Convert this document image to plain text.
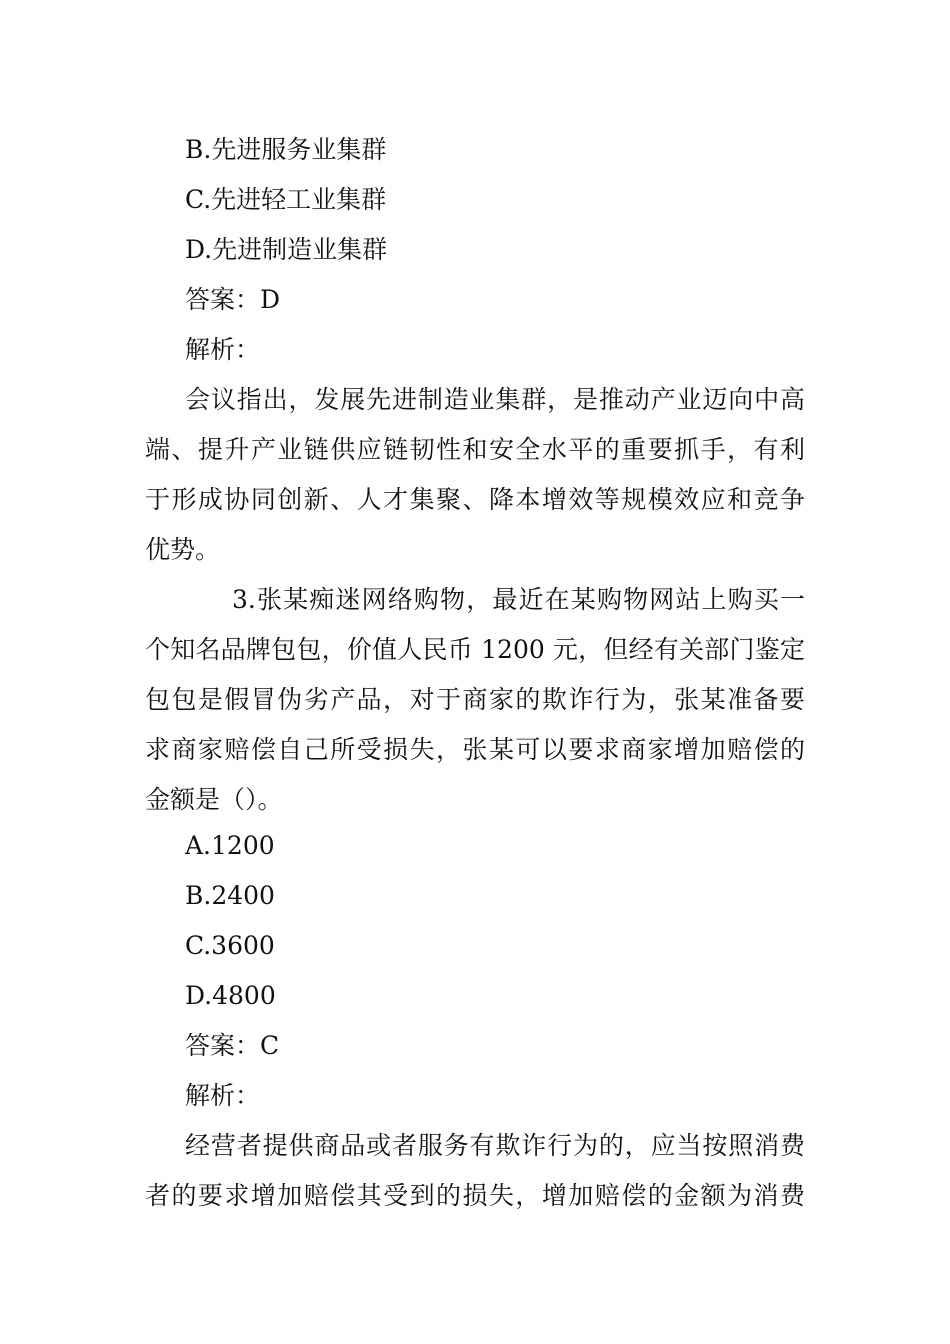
B.先进服务业集群
C.先进轻工业集群
D.先进制造业集群
答案：D
解析：
会议指出，发展先进制造业集群，是推动产业迈向中高
端、提升产业链供应链韧性和安全水平的重要抓手，有利
于形成协同创新、人才集聚、降本增效等规模效应和竞争
优势。
3.张某痴迷网络购物，最近在某购物网站上购买一
个知名品牌包包，价值人民币 1200 元，但经有关部门鉴定
包包是假冒伪劣产品，对于商家的欺诈行为，张某准备要
求商家赔偿自己所受损失，张某可以要求商家增加赔偿的
金额是（）。
A.1200
B.2400
C.3600
D.4800
答案：C
解析：
经营者提供商品或者服务有欺诈行为的，应当按照消费
者的要求增加赔偿其受到的损失，增加赔偿的金额为消费
